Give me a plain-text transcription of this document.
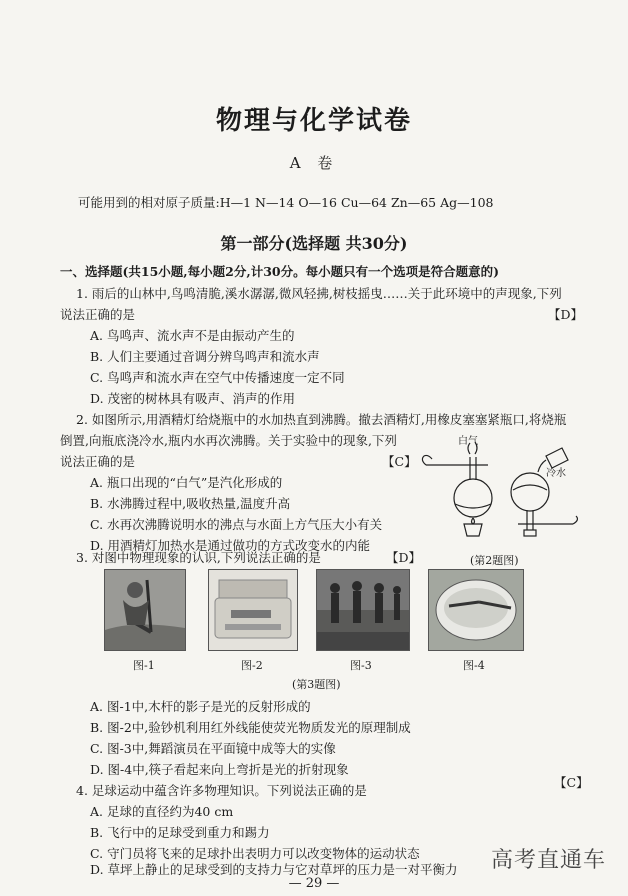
物理与化学试卷
A 卷
可能用到的相对原子质量:H—1 N—14 O—16 Cu—64 Zn—65 Ag—108
第一部分(选择题 共30分)
一、选择题(共15小题,每小题2分,计30分。每小题只有一个选项是符合题意的)
1. 雨后的山林中,鸟鸣清脆,溪水潺潺,微风轻拂,树枝摇曳……关于此环境中的声现象,下列
说法正确的是	【D】
A. 鸟鸣声、流水声不是由振动产生的
B. 人们主要通过音调分辨鸟鸣声和流水声
C. 鸟鸣声和流水声在空气中传播速度一定不同
D. 茂密的树林具有吸声、消声的作用
2. 如图所示,用酒精灯给烧瓶中的水加热直到沸腾。撤去酒精灯,用橡皮塞塞紧瓶口,将烧瓶
倒置,向瓶底浇冷水,瓶内水再次沸腾。关于实验中的现象,下列
说法正确的是	【C】
A. 瓶口出现的“白气”是汽化形成的
B. 水沸腾过程中,吸收热量,温度升高
C. 水再次沸腾说明水的沸点与水面上方气压大小有关
D. 用酒精灯加热水是通过做功的方式改变水的内能
白气
冷水
(第2题图)
3. 对图中物理现象的认识,下列说法正确的是	【D】
图-1	图-2	图-3	图-4
(第3题图)
A. 图-1中,木杆的影子是光的反射形成的
B. 图-2中,验钞机利用红外线能使荧光物质发光的原理制成
C. 图-3中,舞蹈演员在平面镜中成等大的实像
D. 图-4中,筷子看起来向上弯折是光的折射现象
4. 足球运动中蕴含许多物理知识。下列说法正确的是
【C】
A. 足球的直径约为40 cm
B. 飞行中的足球受到重力和踢力
C. 守门员将飞来的足球扑出表明力可以改变物体的运动状态
D. 草坪上静止的足球受到的支持力与它对草坪的压力是一对平衡力
— 29 —
高考直通车
